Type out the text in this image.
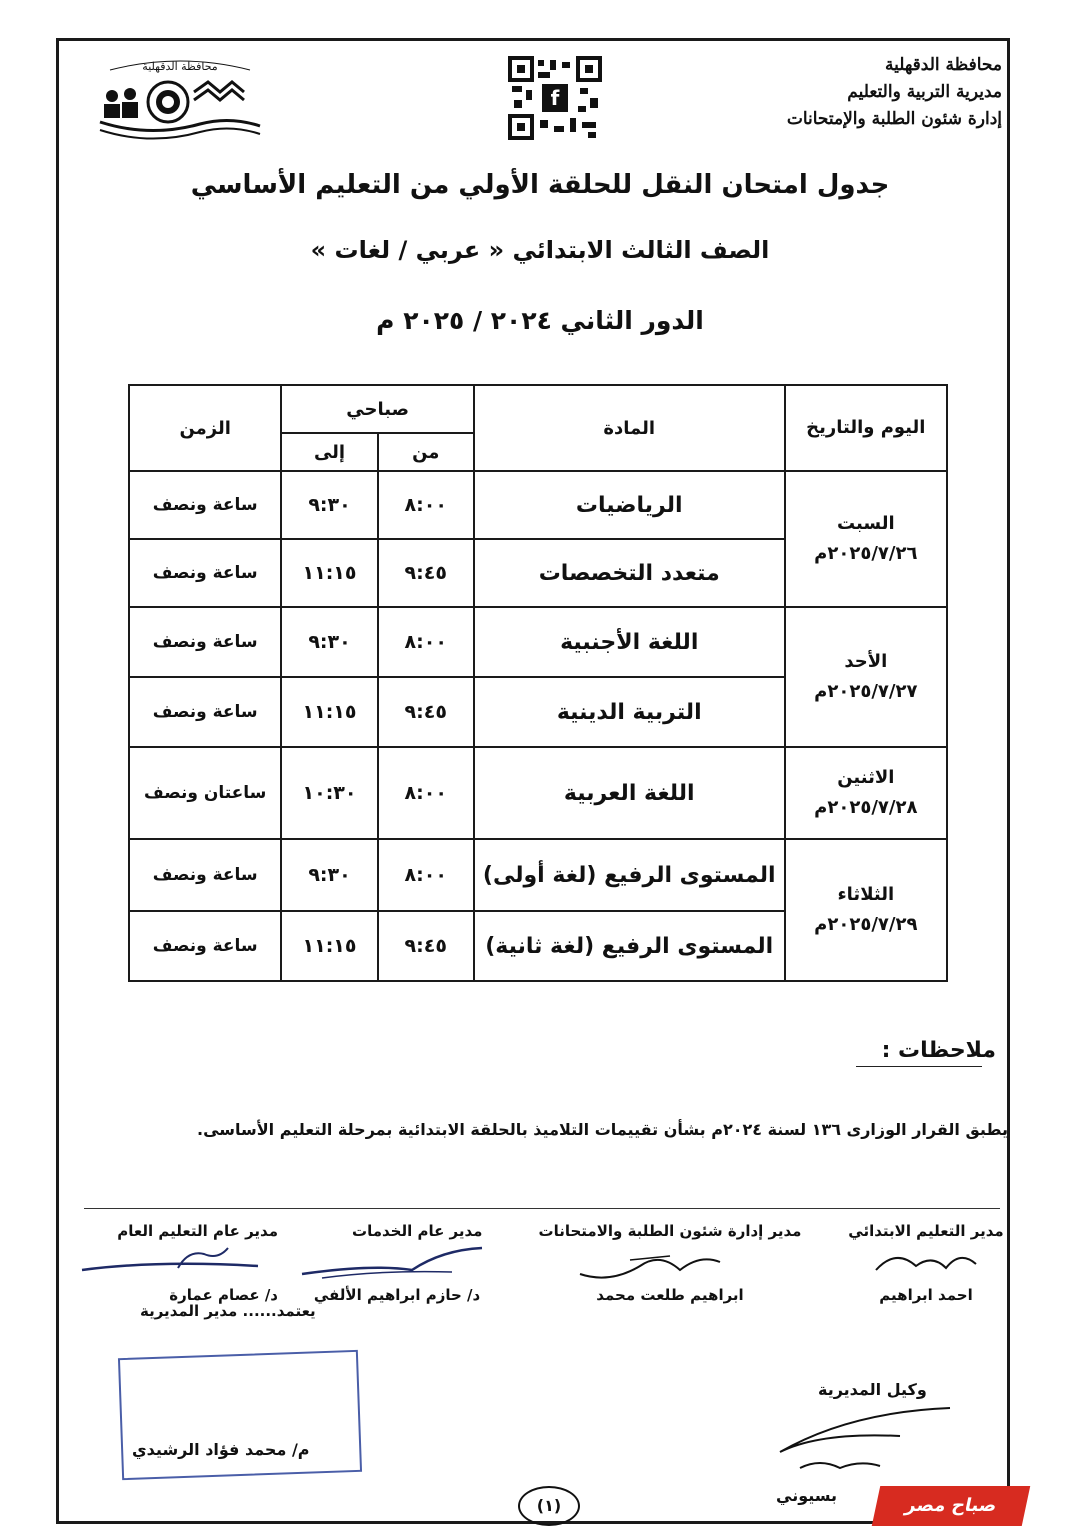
محافظة الدقهلية
مديرية التربية والتعليم
إدارة شئون الطلبة والإمتحانات
f
محافظة الدقهلية
جدول امتحان النقل للحلقة الأولي من التعليم الأساسي
الصف الثالث الابتدائي « عربي / لغات »
الدور الثاني ٢٠٢٤ / ٢٠٢٥ م
اليوم والتاريخ	المادة	صباحي		الزمن
		من	إلى	

السبت
٢٠٢٥/٧/٢٦م	الرياضيات	٨:٠٠	٩:٣٠	ساعة ونصف
	متعدد التخصصات	٩:٤٥	١١:١٥	ساعة ونصف

الأحد
٢٠٢٥/٧/٢٧م	اللغة الأجنبية	٨:٠٠	٩:٣٠	ساعة ونصف
	التربية الدينية	٩:٤٥	١١:١٥	ساعة ونصف

الاثنين
٢٠٢٥/٧/٢٨م	اللغة العربية	٨:٠٠	١٠:٣٠	ساعتان ونصف

الثلاثاء
٢٠٢٥/٧/٢٩م	المستوى الرفيع (لغة أولى)	٨:٠٠	٩:٣٠	ساعة ونصف
	المستوى الرفيع (لغة ثانية)	٩:٤٥	١١:١٥	ساعة ونصف
ملاحظات :
يطبق القرار الوزارى ١٣٦ لسنة ٢٠٢٤م بشأن تقييمات التلاميذ بالحلقة الابتدائية بمرحلة التعليم الأساسى.
مدير التعليم الابتدائي
احمد ابراهيم
مدير إدارة شئون الطلبة والامتحانات
ابراهيم طلعت محمد
مدير عام الخدمات
د/ حازم ابراهيم الألفي
مدير عام التعليم العام
د/ عصام عمارة
يعتمد...... مدير المديرية
م/ محمد فؤاد الرشيدي
(١)
وكيل المديرية
بسيوني	صباح مصر
